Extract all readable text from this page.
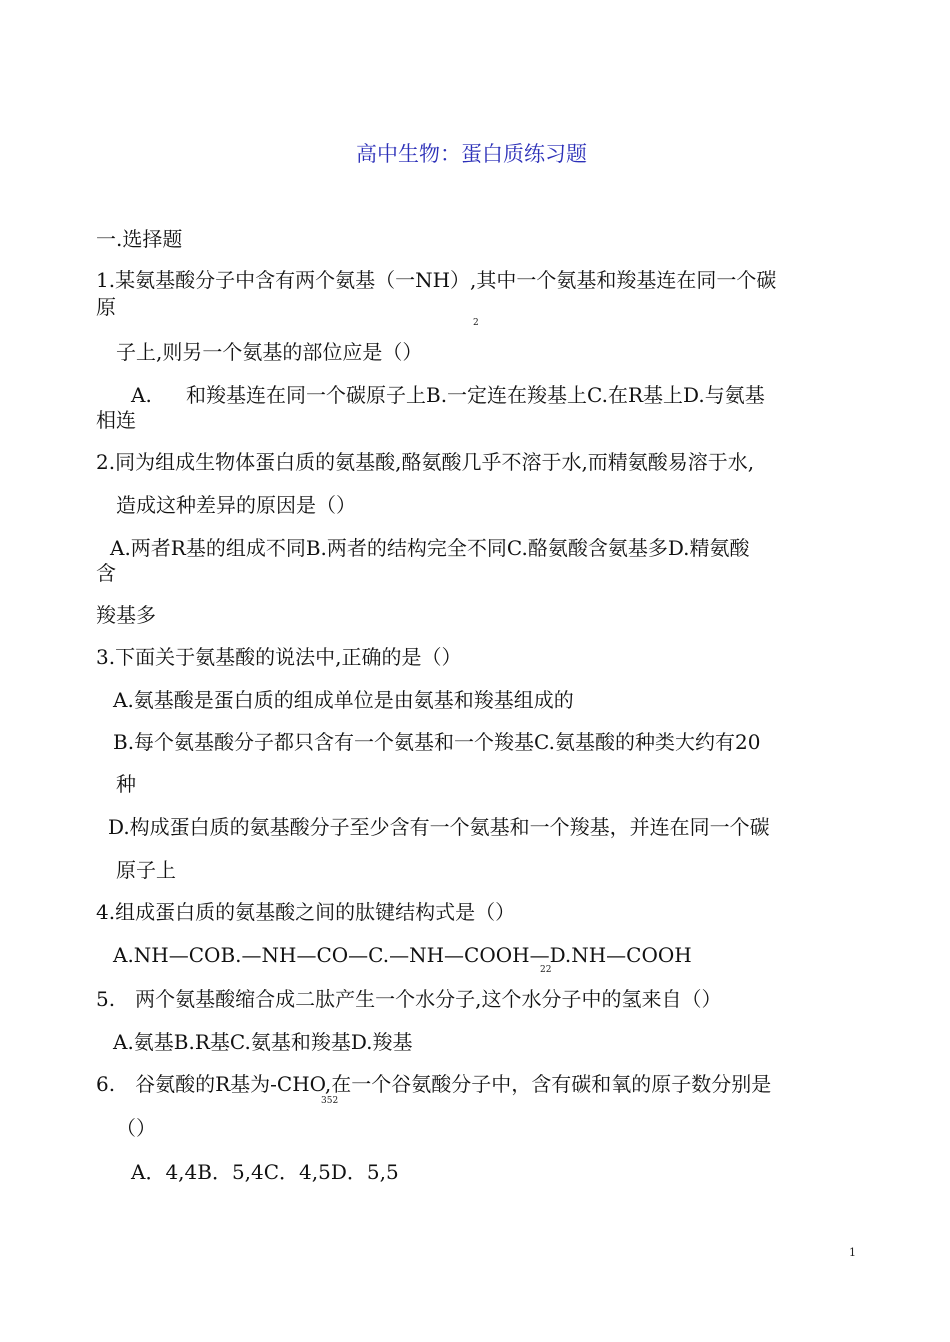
高中生物：蛋白质练习题
一.选择题
1.某氨基酸分子中含有两个氨基（一NH）,其中一个氨基和羧基连在同一个碳
原
2
子上,则另一个氨基的部位应是（）
A. 和羧基连在同一个碳原子上B.一定连在羧基上C.在R基上D.与氨基
相连
2.同为组成生物体蛋白质的氨基酸,酪氨酸几乎不溶于水,而精氨酸易溶于水,
造成这种差异的原因是（）
A.两者R基的组成不同B.两者的结构完全不同C.酪氨酸含氨基多D.精氨酸
含
羧基多
3.下面关于氨基酸的说法中,正确的是（）
A.氨基酸是蛋白质的组成单位是由氨基和羧基组成的
B.每个氨基酸分子都只含有一个氨基和一个羧基C.氨基酸的种类大约有20
种
D.构成蛋白质的氨基酸分子至少含有一个氨基和一个羧基，并连在同一个碳
原子上
4.组成蛋白质的氨基酸之间的肽键结构式是（）
A.NH—COB.—NH—CO—C.—NH—COOH—D.NH—COOH
22
5.　两个氨基酸缩合成二肽产生一个水分子,这个水分子中的氢来自（）
A.氨基B.R基C.氨基和羧基D.羧基
6.　谷氨酸的R基为-CHO,在一个谷氨酸分子中，含有碳和氧的原子数分别是
352
（）
A．4,4B．5,4C．4,5D．5,5
1
